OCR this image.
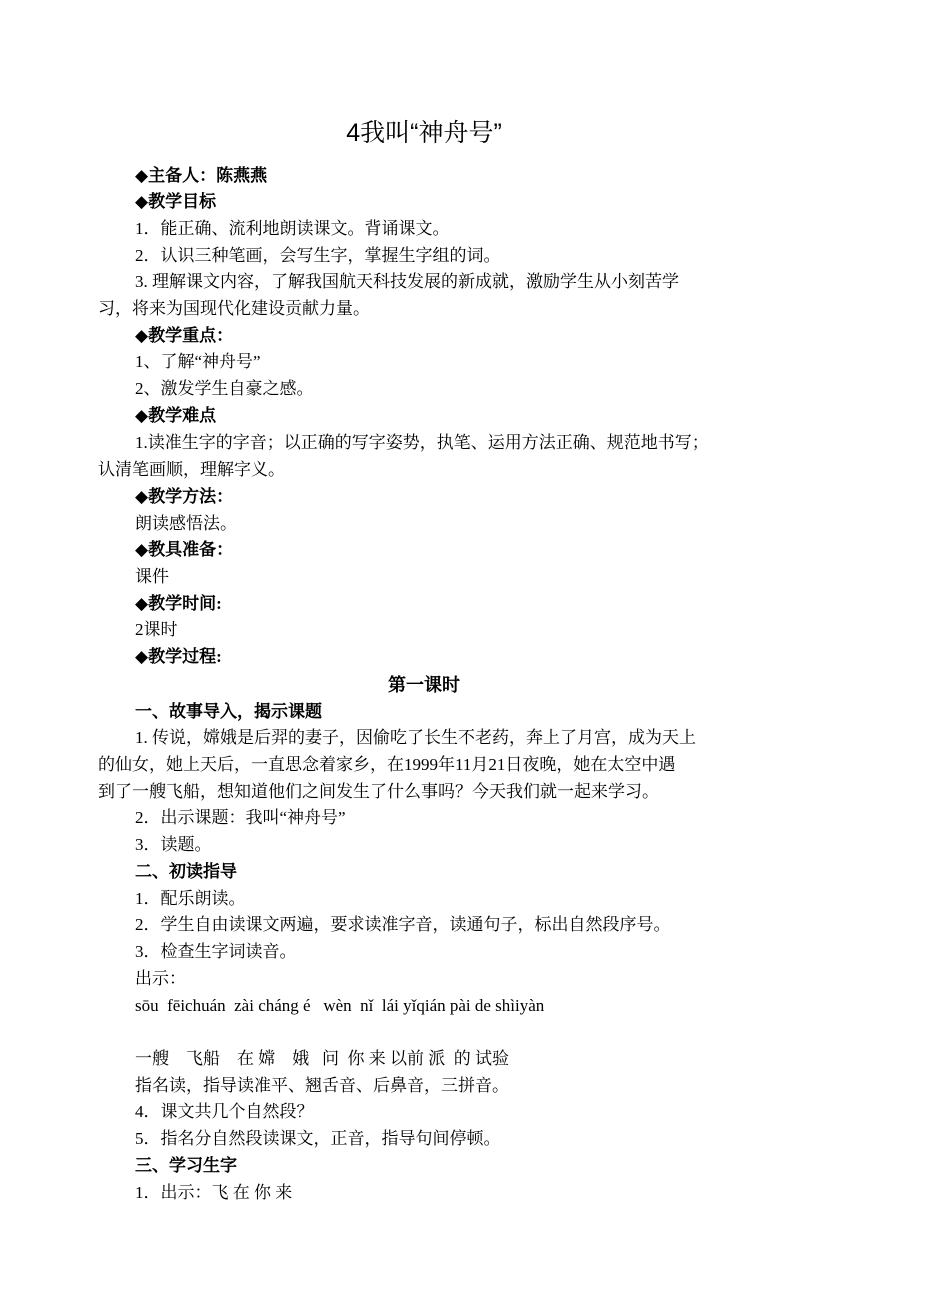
4我叫“神舟号”
◆主备人：陈燕燕
◆教学目标
1．能正确、流利地朗读课文。背诵课文。
2．认识三种笔画，会写生字，掌握生字组的词。
3. 理解课文内容，了解我国航天科技发展的新成就，激励学生从小刻苦学
习，将来为国现代化建设贡献力量。
◆教学重点：
1、了解“神舟号”
2、激发学生自豪之感。
◆教学难点
1.读准生字的字音；以正确的写字姿势，执笔、运用方法正确、规范地书写；
认清笔画顺，理解字义。
◆教学方法：
朗读感悟法。
◆教具准备：
课件
◆教学时间:
2课时
◆教学过程:
第一课时
一、故事导入，揭示课题
1. 传说，嫦娥是后羿的妻子，因偷吃了长生不老药，奔上了月宫，成为天上
的仙女，她上天后，一直思念着家乡，在1999年11月21日夜晚，她在太空中遇
到了一艘飞船，想知道他们之间发生了什么事吗？今天我们就一起来学习。
2．出示课题：我叫“神舟号”
3．读题。
二、初读指导
1．配乐朗读。
2．学生自由读课文两遍，要求读准字音，读通句子，标出自然段序号。
3．检查生字词读音。
出示：
sōu  fēichuán  zài cháng é   wèn  nǐ  lái yǐqián pài de shìiyàn
一艘    飞船    在 嫦    娥   问  你 来 以前 派  的 试验
指名读，指导读准平、翘舌音、后鼻音，三拼音。
4．课文共几个自然段？
5．指名分自然段读课文，正音，指导句间停顿。
三、学习生字
1．出示：飞 在 你 来
